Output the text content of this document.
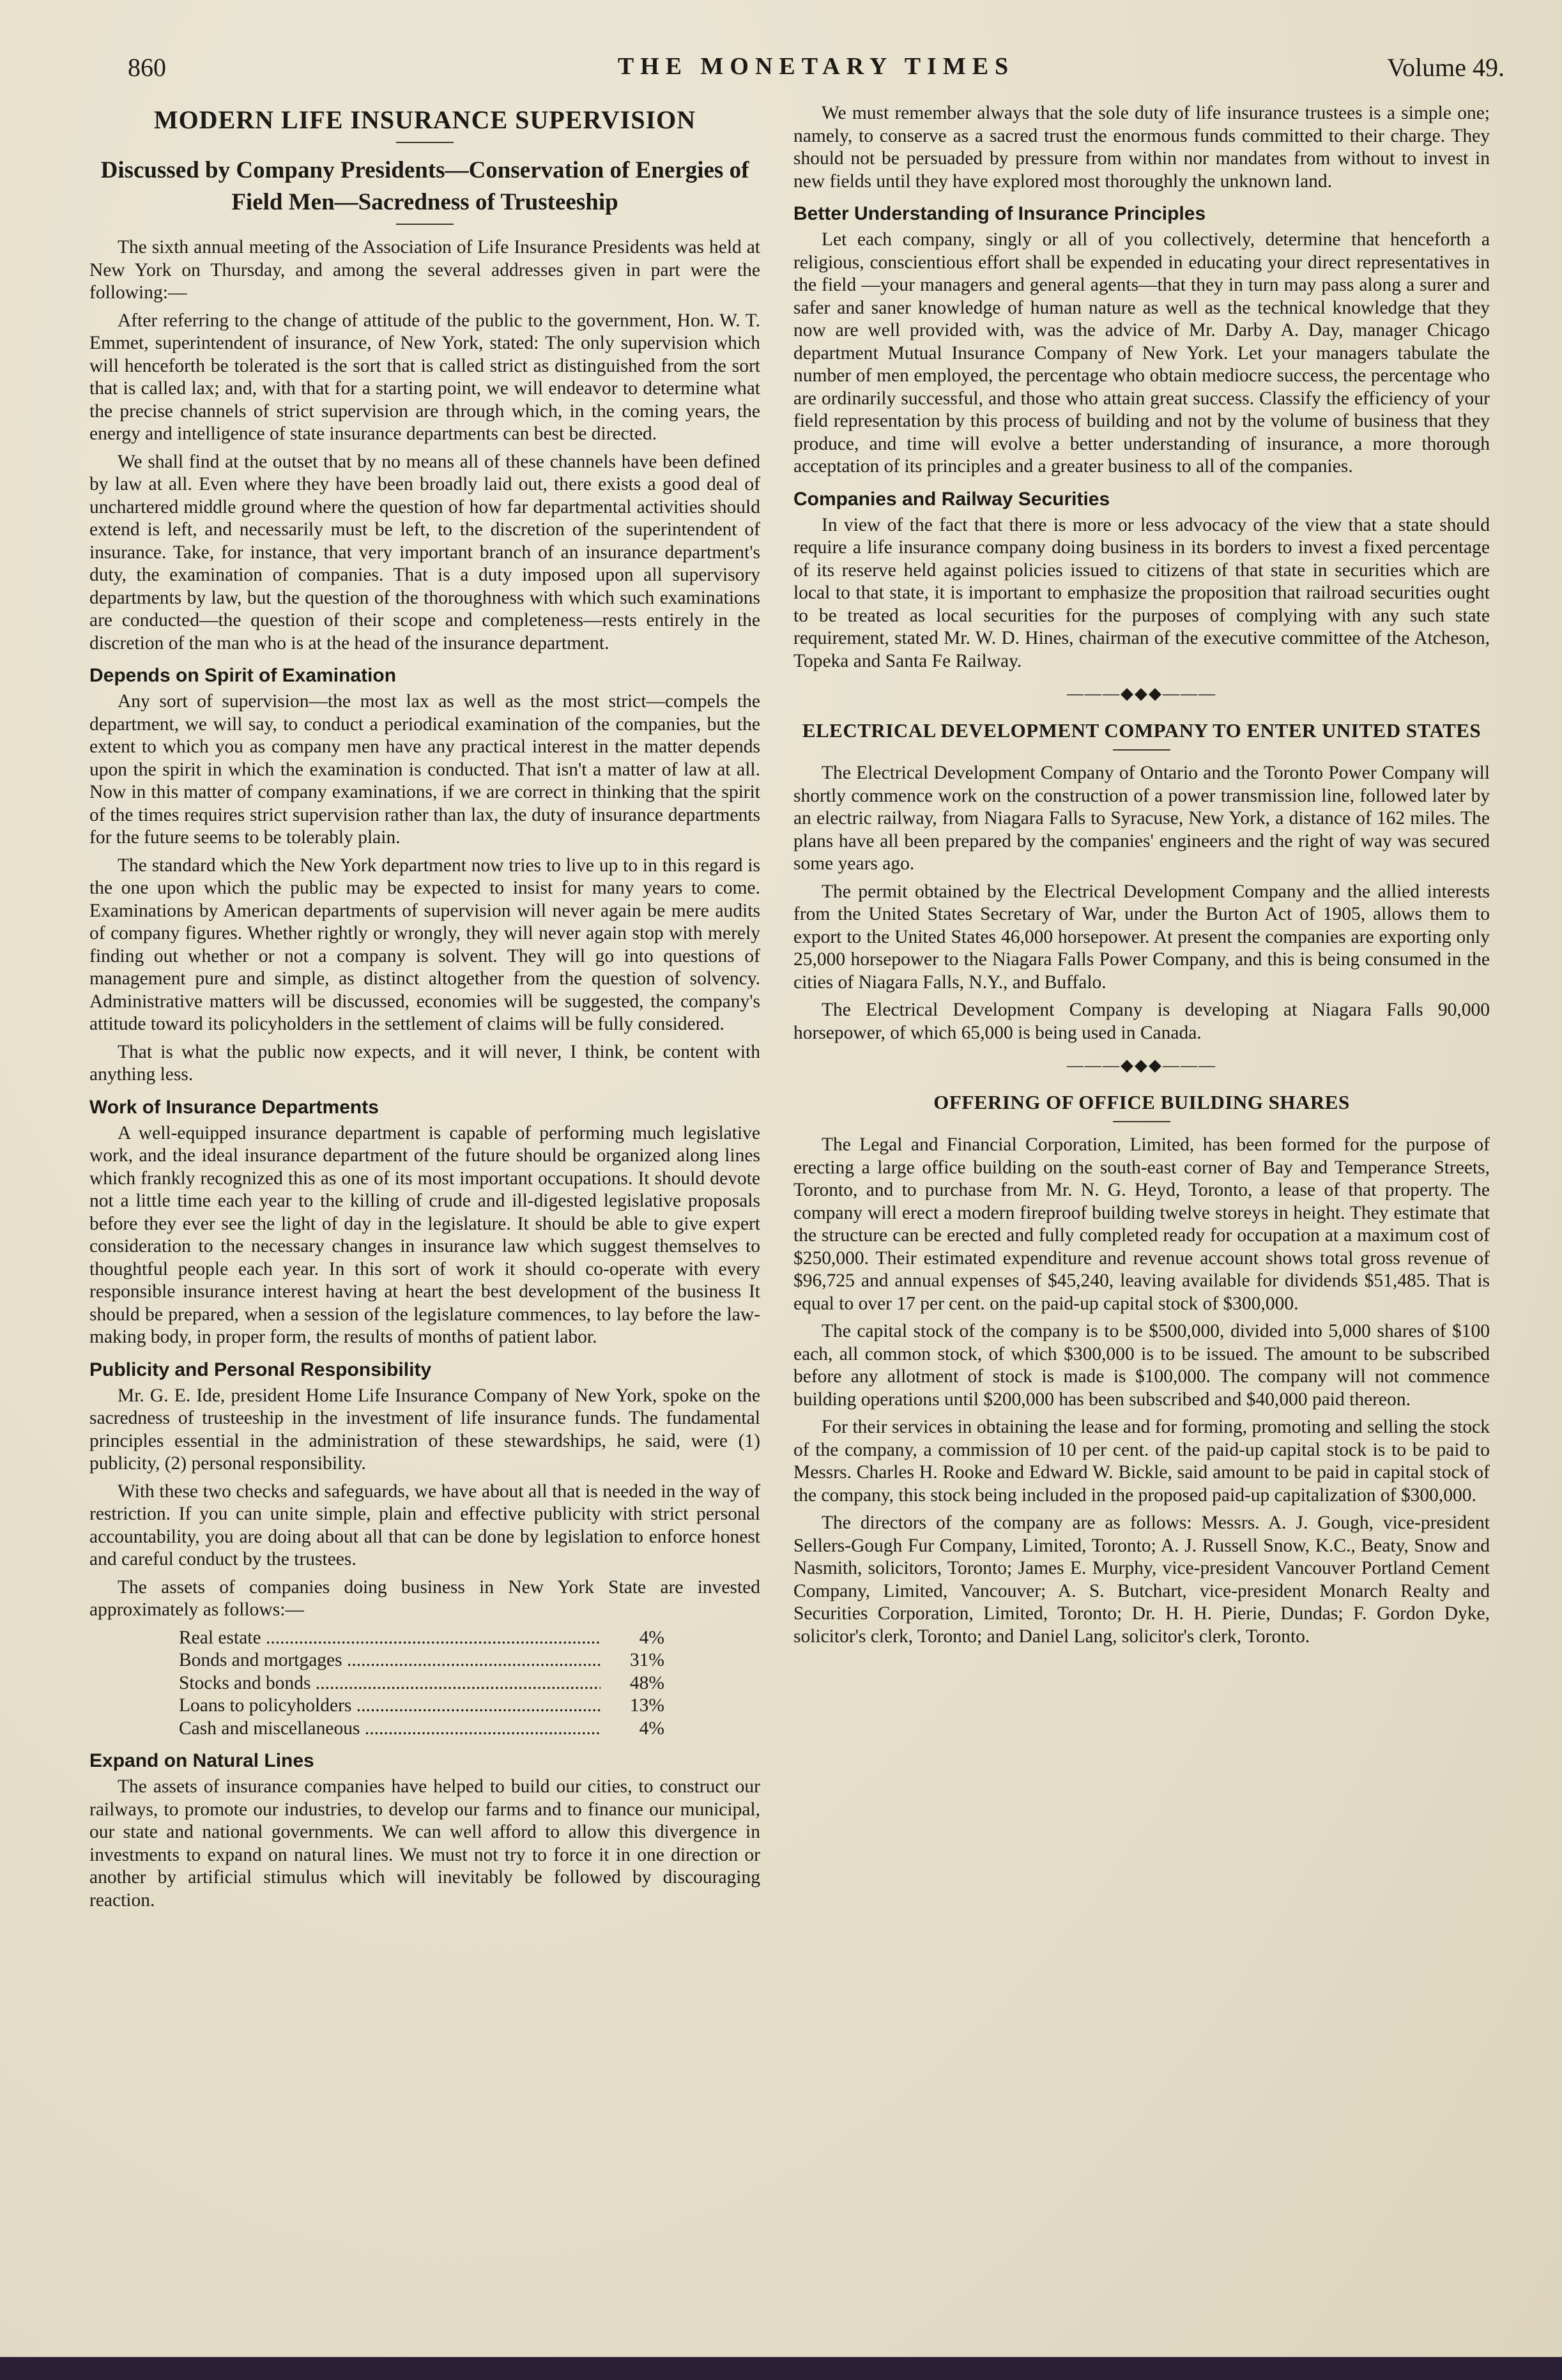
860	THE MONETARY TIMES	Volume 49.
MODERN LIFE INSURANCE SUPERVISION
Discussed by Company Presidents—Conservation of Energies of Field Men—Sacredness of Trusteeship

The sixth annual meeting of the Association of Life Insurance Presidents was held at New York on Thursday, and among the several addresses given in part were the following:—

After referring to the change of attitude of the public to the government, Hon. W. T. Emmet, superintendent of insurance, of New York, stated: The only supervision which will henceforth be tolerated is the sort that is called strict as distinguished from the sort that is called lax; and, with that for a starting point, we will endeavor to determine what the precise channels of strict supervision are through which, in the coming years, the energy and intelligence of state insurance departments can best be directed.

We shall find at the outset that by no means all of these channels have been defined by law at all. Even where they have been broadly laid out, there exists a good deal of unchartered middle ground where the question of how far departmental activities should extend is left, and necessarily must be left, to the discretion of the superintendent of insurance. Take, for instance, that very important branch of an insurance department's duty, the examination of companies. That is a duty imposed upon all supervisory departments by law, but the question of the thoroughness with which such examinations are conducted—the question of their scope and completeness—rests entirely in the discretion of the man who is at the head of the insurance department.

Depends on Spirit of Examination

Any sort of supervision—the most lax as well as the most strict—compels the department, we will say, to conduct a periodical examination of the companies, but the extent to which you as company men have any practical interest in the matter depends upon the spirit in which the examination is conducted. That isn't a matter of law at all. Now in this matter of company examinations, if we are correct in thinking that the spirit of the times requires strict supervision rather than lax, the duty of insurance departments for the future seems to be tolerably plain.

The standard which the New York department now tries to live up to in this regard is the one upon which the public may be expected to insist for many years to come. Examinations by American departments of supervision will never again be mere audits of company figures. Whether rightly or wrongly, they will never again stop with merely finding out whether or not a company is solvent. They will go into questions of management pure and simple, as distinct altogether from the question of solvency. Administrative matters will be discussed, economies will be suggested, the company's attitude toward its policyholders in the settlement of claims will be fully considered.

That is what the public now expects, and it will never, I think, be content with anything less.

Work of Insurance Departments

A well-equipped insurance department is capable of performing much legislative work, and the ideal insurance department of the future should be organized along lines which frankly recognized this as one of its most important occupations. It should devote not a little time each year to the killing of crude and ill-digested legislative proposals before they ever see the light of day in the legislature. It should be able to give expert consideration to the necessary changes in insurance law which suggest themselves to thoughtful people each year. In this sort of work it should co-operate with every responsible insurance interest having at heart the best development of the business It should be prepared, when a session of the legislature commences, to lay before the law-making body, in proper form, the results of months of patient labor.

Publicity and Personal Responsibility

Mr. G. E. Ide, president Home Life Insurance Company of New York, spoke on the sacredness of trusteeship in the investment of life insurance funds. The fundamental principles essential in the administration of these stewardships, he said, were (1) publicity, (2) personal responsibility.

With these two checks and safeguards, we have about all that is needed in the way of restriction. If you can unite simple, plain and effective publicity with strict personal accountability, you are doing about all that can be done by legislation to enforce honest and careful conduct by the trustees.

The assets of companies doing business in New York State are invested approximately as follows:—

Real estate .....	4%
Bonds and mortgages .....	31%
Stocks and bonds .....	48%
Loans to policyholders .....	13%
Cash and miscellaneous .....	4%
Expand on Natural Lines

The assets of insurance companies have helped to build our cities, to construct our railways, to promote our industries, to develop our farms and to finance our municipal, our state and national governments. We can well afford to allow this divergence in investments to expand on natural lines. We must not try to force it in one direction or another by artificial stimulus which will inevitably be followed by discouraging reaction.

We must remember always that the sole duty of life insurance trustees is a simple one; namely, to conserve as a sacred trust the enormous funds committed to their charge. They should not be persuaded by pressure from within nor mandates from without to invest in new fields until they have explored most thoroughly the unknown land.

Better Understanding of Insurance Principles

Let each company, singly or all of you collectively, determine that henceforth a religious, conscientious effort shall be expended in educating your direct representatives in the field —your managers and general agents—that they in turn may pass along a surer and safer and saner knowledge of human nature as well as the technical knowledge that they now are well provided with, was the advice of Mr. Darby A. Day, manager Chicago department Mutual Insurance Company of New York. Let your managers tabulate the number of men employed, the percentage who obtain mediocre success, the percentage who are ordinarily successful, and those who attain great success. Classify the efficiency of your field representation by this process of building and not by the volume of business that they produce, and time will evolve a better understanding of insurance, a more thorough acceptation of its principles and a greater business to all of the companies.

Companies and Railway Securities

In view of the fact that there is more or less advocacy of the view that a state should require a life insurance company doing business in its borders to invest a fixed percentage of its reserve held against policies issued to citizens of that state in securities which are local to that state, it is important to emphasize the proposition that railroad securities ought to be treated as local securities for the purposes of complying with any such state requirement, stated Mr. W. D. Hines, chairman of the executive committee of the Atcheson, Topeka and Santa Fe Railway.

———◆◆◆———
ELECTRICAL DEVELOPMENT COMPANY TO ENTER UNITED STATES

The Electrical Development Company of Ontario and the Toronto Power Company will shortly commence work on the construction of a power transmission line, followed later by an electric railway, from Niagara Falls to Syracuse, New York, a distance of 162 miles. The plans have all been prepared by the companies' engineers and the right of way was secured some years ago.

The permit obtained by the Electrical Development Company and the allied interests from the United States Secretary of War, under the Burton Act of 1905, allows them to export to the United States 46,000 horsepower. At present the companies are exporting only 25,000 horsepower to the Niagara Falls Power Company, and this is being consumed in the cities of Niagara Falls, N.Y., and Buffalo.

The Electrical Development Company is developing at Niagara Falls 90,000 horsepower, of which 65,000 is being used in Canada.

———◆◆◆———
OFFERING OF OFFICE BUILDING SHARES

The Legal and Financial Corporation, Limited, has been formed for the purpose of erecting a large office building on the south-east corner of Bay and Temperance Streets, Toronto, and to purchase from Mr. N. G. Heyd, Toronto, a lease of that property. The company will erect a modern fireproof building twelve storeys in height. They estimate that the structure can be erected and fully completed ready for occupation at a maximum cost of $250,000. Their estimated expenditure and revenue account shows total gross revenue of $96,725 and annual expenses of $45,240, leaving available for dividends $51,485. That is equal to over 17 per cent. on the paid-up capital stock of $300,000.

The capital stock of the company is to be $500,000, divided into 5,000 shares of $100 each, all common stock, of which $300,000 is to be issued. The amount to be subscribed before any allotment of stock is made is $100,000. The company will not commence building operations until $200,000 has been subscribed and $40,000 paid thereon.

For their services in obtaining the lease and for forming, promoting and selling the stock of the company, a commission of 10 per cent. of the paid-up capital stock is to be paid to Messrs. Charles H. Rooke and Edward W. Bickle, said amount to be paid in capital stock of the company, this stock being included in the proposed paid-up capitalization of $300,000.

The directors of the company are as follows: Messrs. A. J. Gough, vice-president Sellers-Gough Fur Company, Limited, Toronto; A. J. Russell Snow, K.C., Beaty, Snow and Nasmith, solicitors, Toronto; James E. Murphy, vice-president Vancouver Portland Cement Company, Limited, Vancouver; A. S. Butchart, vice-president Monarch Realty and Securities Corporation, Limited, Toronto; Dr. H. H. Pierie, Dundas; F. Gordon Dyke, solicitor's clerk, Toronto; and Daniel Lang, solicitor's clerk, Toronto.
